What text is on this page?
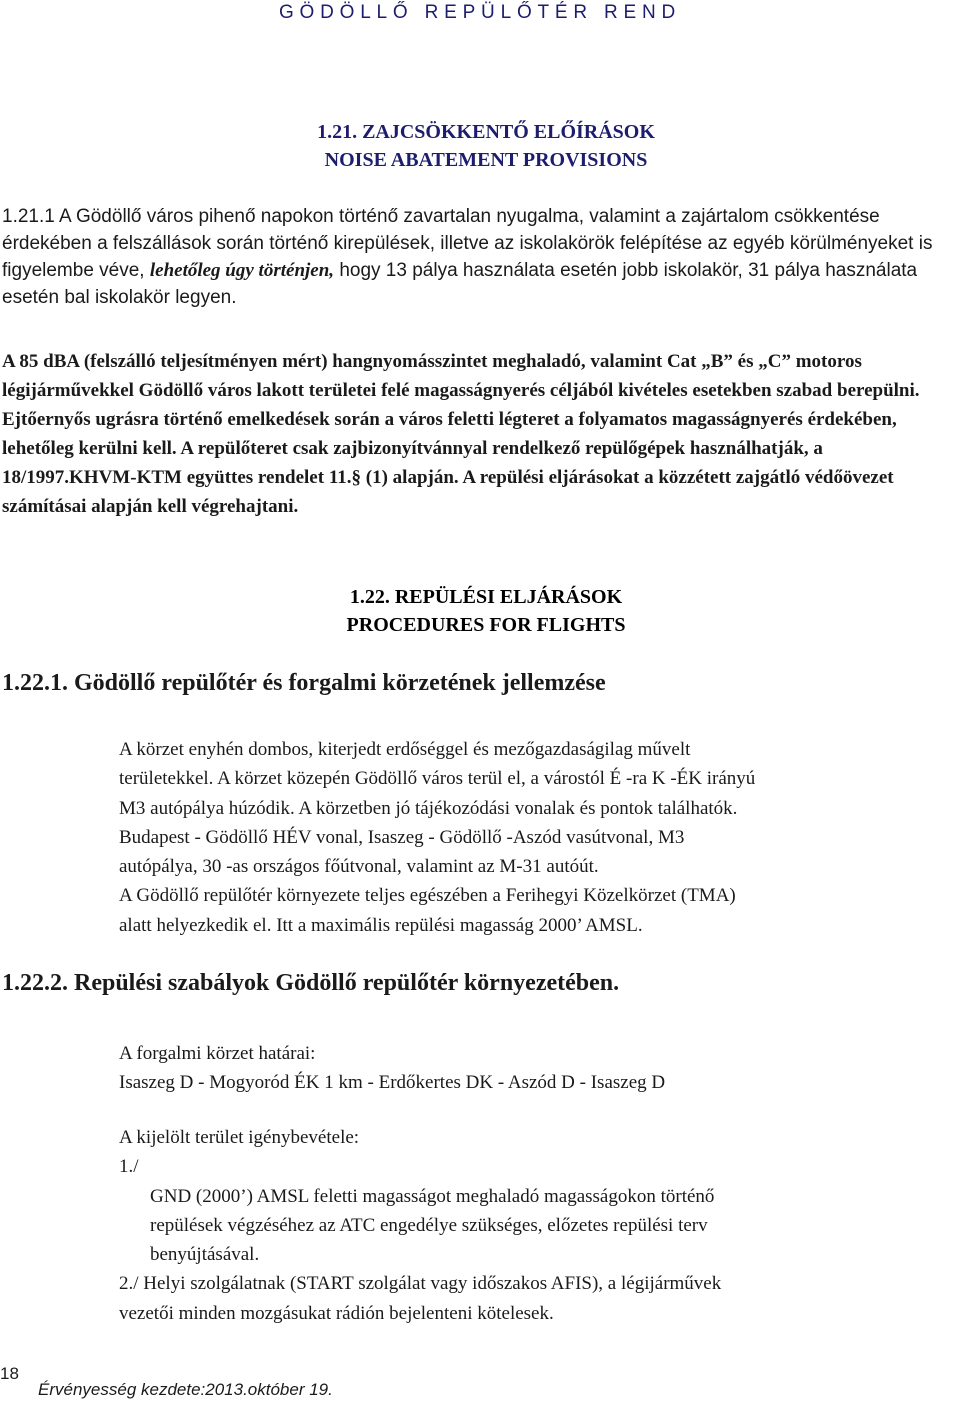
GÖDÖLLŐ REPÜLŐTÉR REND
1.21. ZAJCSÖKKENTŐ ELŐÍRÁSOK
NOISE ABATEMENT PROVISIONS

1.21.1 A Gödöllő város pihenő napokon történő zavartalan nyugalma, valamint a zajártalom csökkentése érdekében a felszállások során történő kirepülések, illetve az iskolakörök felépítése az egyéb körülményeket is figyelembe véve, lehetőleg úgy történjen, hogy 13 pálya használata esetén jobb iskolakör, 31 pálya használata esetén bal iskolakör legyen.

A 85 dBA (felszálló teljesítményen mért) hangnyomásszintet meghaladó, valamint Cat „B” és „C” motoros légijárművekkel Gödöllő város lakott területei felé magasságnyerés céljából kivételes esetekben szabad berepülni. Ejtőernyős ugrásra történő emelkedések során a város feletti légteret a folyamatos magasságnyerés érdekében, lehetőleg kerülni kell. A repülőteret csak zajbizonyítvánnyal rendelkező repülőgépek használhatják, a 18/1997.KHVM-KTM együttes rendelet 11.§ (1) alapján. A repülési eljárásokat a közzétett zajgátló védőövezet számításai alapján kell végrehajtani.

1.22. REPÜLÉSI ELJÁRÁSOK
PROCEDURES FOR FLIGHTS
1.22.1. Gödöllő repülőtér és forgalmi körzetének jellemzése
A körzet enyhén dombos, kiterjedt erdőséggel és mezőgazdaságilag művelt
területekkel. A körzet közepén Gödöllő város terül el, a várostól É -ra K -ÉK irányú
M3 autópálya húzódik. A körzetben jó tájékozódási vonalak és pontok találhatók.
Budapest - Gödöllő HÉV vonal, Isaszeg - Gödöllő -Aszód vasútvonal, M3
autópálya, 30 -as országos főútvonal, valamint az M-31 autóút.
A Gödöllő repülőtér környezete teljes egészében a Ferihegyi Közelkörzet (TMA)
alatt helyezkedik el. Itt a maximális repülési magasság 2000’ AMSL.
1.22.2. Repülési szabályok Gödöllő repülőtér környezetében.
A forgalmi körzet határai:
Isaszeg D - Mogyoród ÉK 1 km - Erdőkertes DK - Aszód D - Isaszeg D
A kijelölt terület igénybevétele:
1./
GND (2000’) AMSL feletti magasságot meghaladó magasságokon történő
repülések végzéséhez az ATC engedélye szükséges, előzetes repülési terv
benyújtásával.
2./ Helyi szolgálatnak (START szolgálat vagy időszakos AFIS), a légijárművek
vezetői minden mozgásukat rádión bejelenteni kötelesek.
18
Érvényesség kezdete:2013.október 19.
